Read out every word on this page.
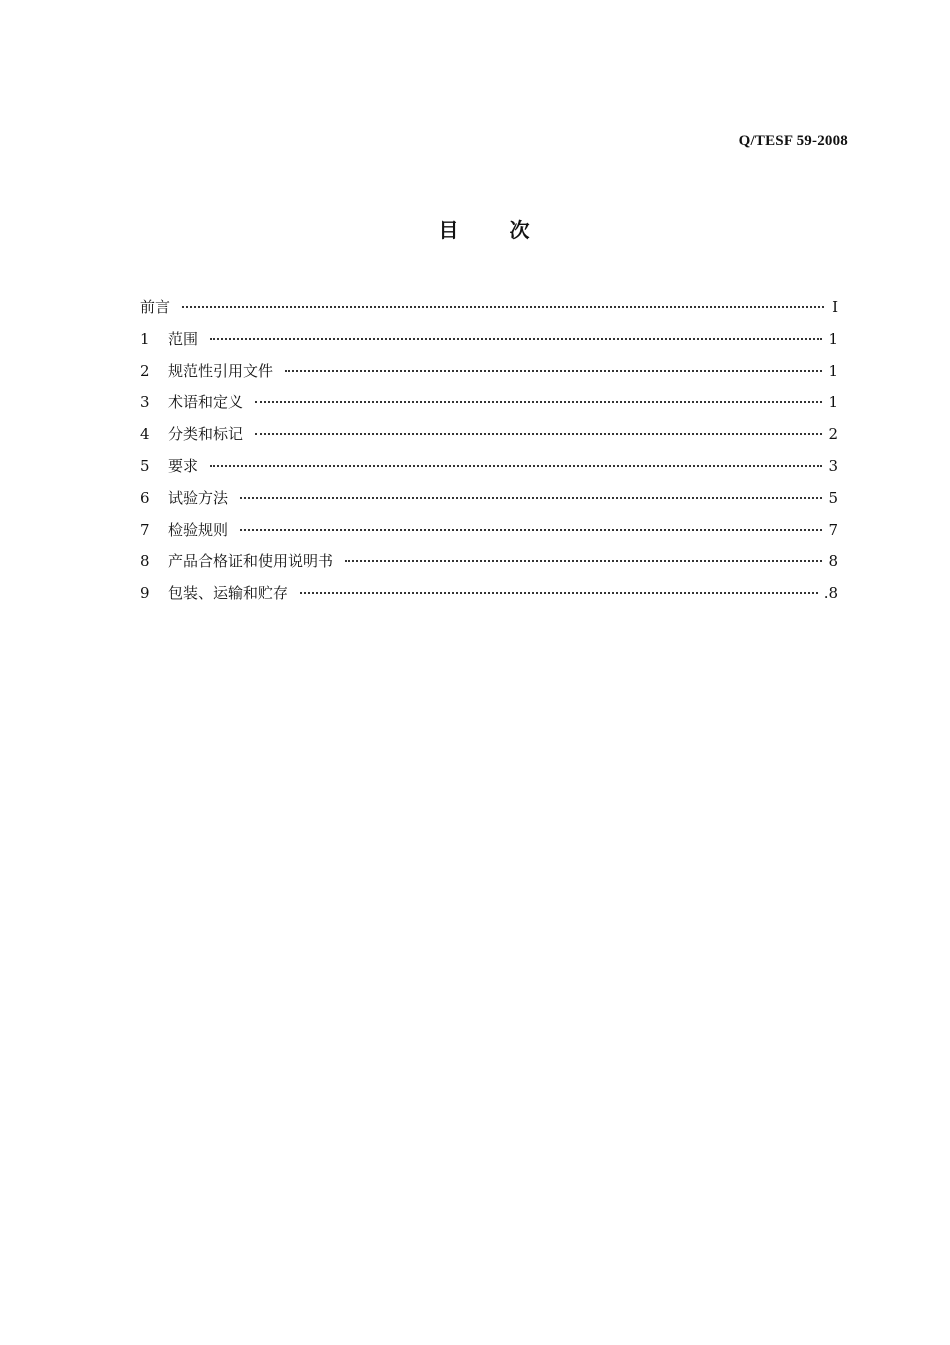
Q/TESF 59-2008
目 次
前言	I
1	范围	1
2	规范性引用文件	1
3	术语和定义	1
4	分类和标记	2
5	要求	3
6	试验方法	5
7	检验规则	7
8	产品合格证和使用说明书	8
9	包装、运输和贮存	.8
